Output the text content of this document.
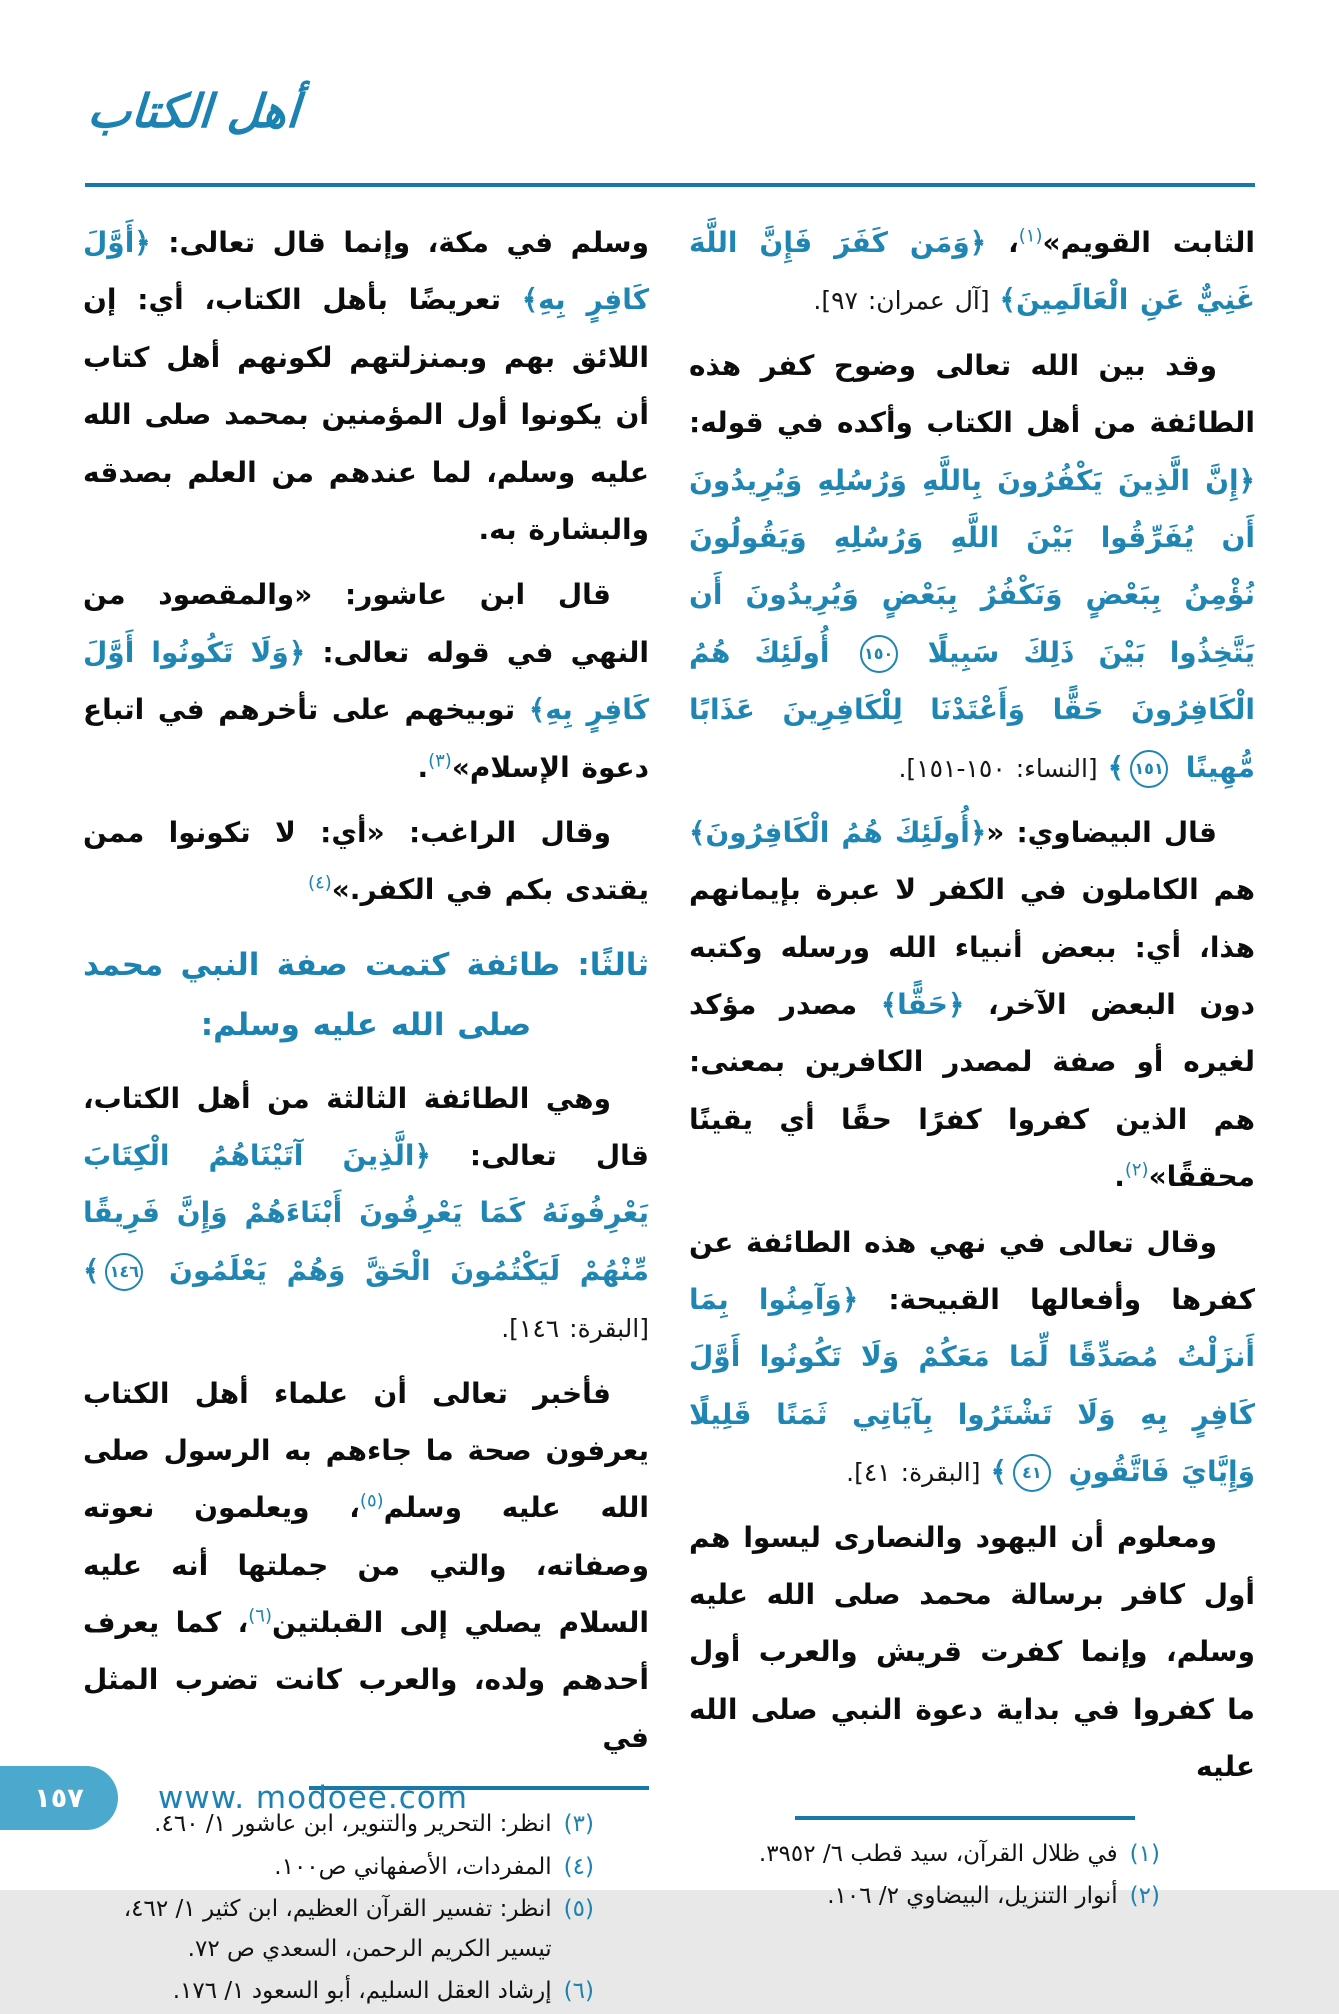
أهل الكتاب

الثابت القويم»$^{(١)}$، ﴿وَمَن كَفَرَ فَإِنَّ اللَّهَ غَنِيٌّ عَنِ الْعَالَمِينَ﴾ [آل عمران: ٩٧].

وقد بين الله تعالى وضوح كفر هذه الطائفة من أهل الكتاب وأكده في قوله: ﴿إِنَّ الَّذِينَ يَكْفُرُونَ بِاللَّهِ وَرُسُلِهِ وَيُرِيدُونَ أَن يُفَرِّقُوا بَيْنَ اللَّهِ وَرُسُلِهِ وَيَقُولُونَ نُؤْمِنُ بِبَعْضٍ وَنَكْفُرُ بِبَعْضٍ وَيُرِيدُونَ أَن يَتَّخِذُوا بَيْنَ ذَلِكَ سَبِيلًا ١٥٠ أُولَئِكَ هُمُ الْكَافِرُونَ حَقًّا وَأَعْتَدْنَا لِلْكَافِرِينَ عَذَابًا مُّهِينًا ١٥١﴾ [النساء: ١٥٠-١٥١].

قال البيضاوي: «﴿أُولَئِكَ هُمُ الْكَافِرُونَ﴾ هم الكاملون في الكفر لا عبرة بإيمانهم هذا، أي: ببعض أنبياء الله ورسله وكتبه دون البعض الآخر، ﴿حَقًّا﴾ مصدر مؤكد لغيره أو صفة لمصدر الكافرين بمعنى: هم الذين كفروا كفرًا حقًا أي يقينًا محققًا»$^{(٢)}$.

وقال تعالى في نهي هذه الطائفة عن كفرها وأفعالها القبيحة: ﴿وَآمِنُوا بِمَا أَنزَلْتُ مُصَدِّقًا لِّمَا مَعَكُمْ وَلَا تَكُونُوا أَوَّلَ كَافِرٍ بِهِ وَلَا تَشْتَرُوا بِآيَاتِي ثَمَنًا قَلِيلًا وَإِيَّايَ فَاتَّقُونِ ٤١﴾ [البقرة: ٤١].

ومعلوم أن اليهود والنصارى ليسوا هم أول كافر برسالة محمد صلى الله عليه وسلم، وإنما كفرت قريش والعرب أول ما كفروا في بداية دعوة النبي صلى الله عليه

(١)
في ظلال القرآن، سيد قطب ٦/ ٣٩٥٢.
(٢)
أنوار التنزيل، البيضاوي ٢/ ١٠٦.

وسلم في مكة، وإنما قال تعالى: ﴿أَوَّلَ كَافِرٍ بِهِ﴾ تعريضًا بأهل الكتاب، أي: إن اللائق بهم وبمنزلتهم لكونهم أهل كتاب أن يكونوا أول المؤمنين بمحمد صلى الله عليه وسلم، لما عندهم من العلم بصدقه والبشارة به.

قال ابن عاشور: «والمقصود من النهي في قوله تعالى: ﴿وَلَا تَكُونُوا أَوَّلَ كَافِرٍ بِهِ﴾ توبيخهم على تأخرهم في اتباع دعوة الإسلام»$^{(٣)}$.

وقال الراغب: «أي: لا تكونوا ممن يقتدى بكم في الكفر.»$^{(٤)}$

ثالثًا: طائفة كتمت صفة النبي محمد صلى الله عليه وسلم:

وهي الطائفة الثالثة من أهل الكتاب، قال تعالى: ﴿الَّذِينَ آتَيْنَاهُمُ الْكِتَابَ يَعْرِفُونَهُ كَمَا يَعْرِفُونَ أَبْنَاءَهُمْ وَإِنَّ فَرِيقًا مِّنْهُمْ لَيَكْتُمُونَ الْحَقَّ وَهُمْ يَعْلَمُونَ ١٤٦﴾ [البقرة: ١٤٦].

فأخبر تعالى أن علماء أهل الكتاب يعرفون صحة ما جاءهم به الرسول صلى الله عليه وسلم$^{(٥)}$، ويعلمون نعوته وصفاته، والتي من جملتها أنه عليه السلام يصلي إلى القبلتين$^{(٦)}$، كما يعرف أحدهم ولده، والعرب كانت تضرب المثل في

(٣)
انظر: التحرير والتنوير، ابن عاشور ١/ ٤٦٠.
(٤)
المفردات، الأصفهاني ص١٠٠.
(٥)
انظر: تفسير القرآن العظيم، ابن كثير ١/ ٤٦٢، تيسير الكريم الرحمن، السعدي ص ٧٢.
(٦)
إرشاد العقل السليم، أبو السعود ١/ ١٧٦.
١٥٧ www. modoee.com
